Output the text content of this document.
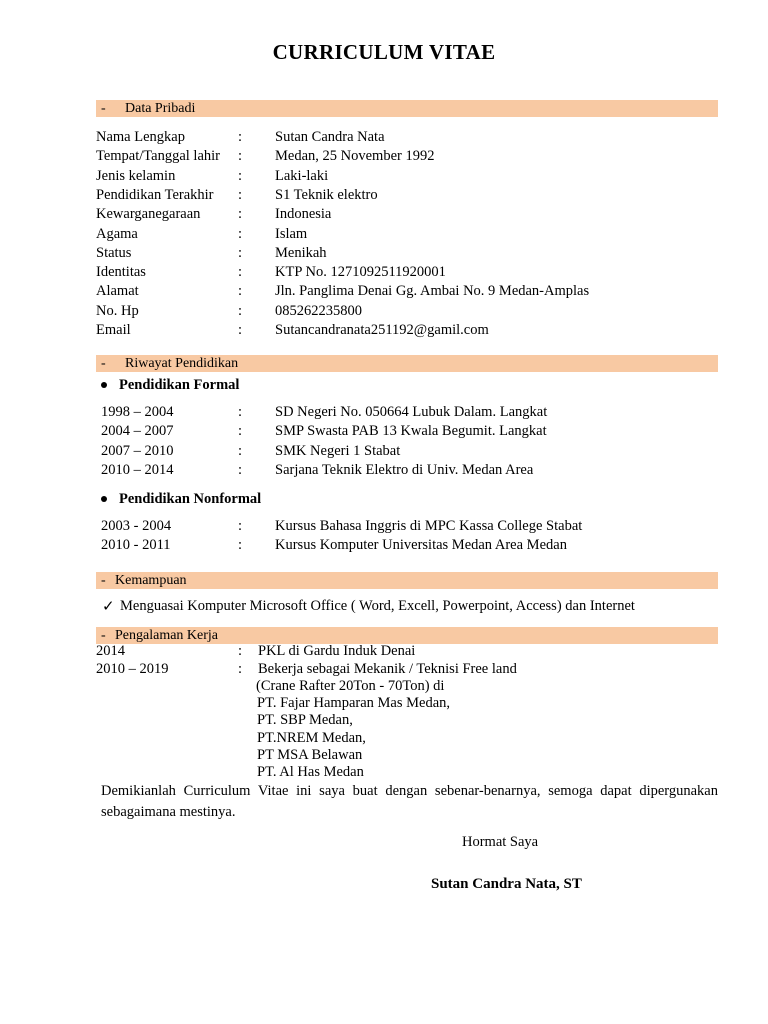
CURRICULUM VITAE
- Data Pribadi
Nama Lengkap	: Sutan Candra Nata
Tempat/Tanggal lahir : Medan, 25 November 1992
Jenis kelamin	: Laki-laki
Pendidikan Terakhir : S1 Teknik elektro
Kewarganegaraan	: Indonesia
Agama	: Islam
Status	: Menikah
Identitas	: KTP No. 1271092511920001
Alamat	: Jln. Panglima Denai Gg. Ambai No. 9 Medan-Amplas
No. Hp	: 085262235800
Email	: Sutancandranata251192@gamil.com
- Riwayat Pendidikan
Pendidikan Formal
1998 – 2004	: SD Negeri No. 050664 Lubuk Dalam. Langkat
2004 – 2007	: SMP Swasta PAB 13 Kwala Begumit. Langkat
2007 – 2010	: SMK Negeri 1 Stabat
2010 – 2014	: Sarjana Teknik Elektro di Univ. Medan Area
Pendidikan Nonformal
2003 - 2004	: Kursus Bahasa Inggris di MPC Kassa College Stabat
2010 - 2011	: Kursus Komputer Universitas Medan Area Medan
- Kemampuan
✓ Menguasai Komputer Microsoft Office ( Word, Excell, Powerpoint, Access) dan Internet
- Pengalaman Kerja
2014	: PKL di Gardu Induk Denai
2010 – 2019	: Bekerja sebagai Mekanik / Teknisi Free land
(Crane Rafter 20Ton - 70Ton) di
PT. Fajar Hamparan Mas Medan,
PT. SBP Medan,
PT.NREM Medan,
PT MSA Belawan
PT. Al Has Medan
Demikianlah Curriculum Vitae ini saya buat dengan sebenar-benarnya, semoga dapat dipergunakan sebagaimana mestinya.
Hormat Saya
Sutan Candra Nata, ST
